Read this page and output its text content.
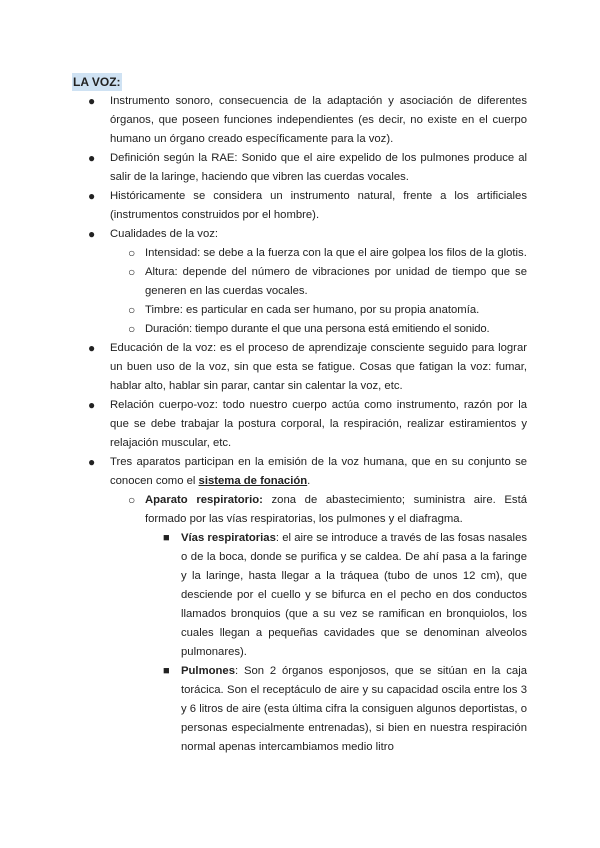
LA VOZ:
● Instrumento sonoro, consecuencia de la adaptación y asociación de diferentes órganos, que poseen funciones independientes (es decir, no existe en el cuerpo humano un órgano creado específicamente para la voz).
● Definición según la RAE: Sonido que el aire expelido de los pulmones produce al salir de la laringe, haciendo que vibren las cuerdas vocales.
● Históricamente se considera un instrumento natural, frente a los artificiales (instrumentos construidos por el hombre).
● Cualidades de la voz:
○ Intensidad: se debe a la fuerza con la que el aire golpea los filos de la glotis.
○ Altura: depende del número de vibraciones por unidad de tiempo que se generen en las cuerdas vocales.
○ Timbre: es particular en cada ser humano, por su propia anatomía.
○ Duración: tiempo durante el que una persona está emitiendo el sonido.
● Educación de la voz: es el proceso de aprendizaje consciente seguido para lograr un buen uso de la voz, sin que esta se fatigue. Cosas que fatigan la voz: fumar, hablar alto, hablar sin parar, cantar sin calentar la voz, etc.
● Relación cuerpo-voz: todo nuestro cuerpo actúa como instrumento, razón por la que se debe trabajar la postura corporal, la respiración, realizar estiramientos y relajación muscular, etc.
● Tres aparatos participan en la emisión de la voz humana, que en su conjunto se conocen como el sistema de fonación.
○ Aparato respiratorio: zona de abastecimiento; suministra aire. Está formado por las vías respiratorias, los pulmones y el diafragma.
■ Vías respiratorias: el aire se introduce a través de las fosas nasales o de la boca, donde se purifica y se caldea. De ahí pasa a la faringe y la laringe, hasta llegar a la tráquea (tubo de unos 12 cm), que desciende por el cuello y se bifurca en el pecho en dos conductos llamados bronquios (que a su vez se ramifican en bronquiolos, los cuales llegan a pequeñas cavidades que se denominan alveolos pulmonares).
■ Pulmones: Son 2 órganos esponjosos, que se sitúan en la caja torácica. Son el receptáculo de aire y su capacidad oscila entre los 3 y 6 litros de aire (esta última cifra la consiguen algunos deportistas, o personas especialmente entrenadas), si bien en nuestra respiración normal apenas intercambiamos medio litro
